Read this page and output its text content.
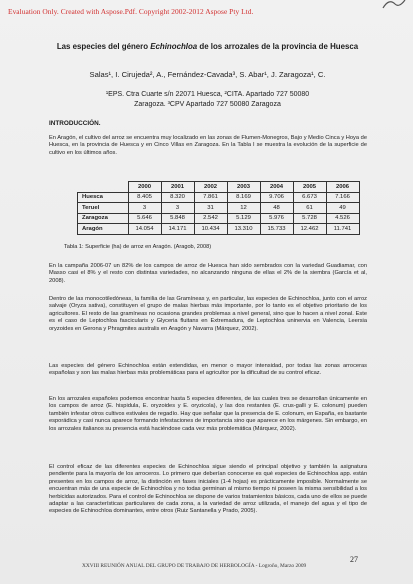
Evaluation Only. Created with Aspose.Pdf. Copyright 2002-2012 Aspose Pty Ltd.
Las especies del género Echinochloa de los arrozales de la provincia de Huesca
Salas¹, I. Cirujeda², A., Fernández-Cavada³, S. Abar¹, J. Zaragoza¹, C.
¹EPS. Ctra Cuarte s/n 22071 Huesca, ²CITA. Apartado 727 50080
Zaragoza. ³CPV Apartado 727 50080 Zaragoza
INTRODUCCIÓN.
En Aragón, el cultivo del arroz se encuentra muy localizado en las zonas de Flumen-Monegros, Bajo y Medio Cinca y Hoya de Huesca, en la provincia de Huesca y en Cinco Villas en Zaragoza. En la Tabla I se muestra la evolución de la superficie de cultivo en los últimos años.
	2000	2001	2002	2003	2004	2005	2006
Huesca	8.405	8.320	7.861	8.169	9.706	6.673	7.166
Teruel	3	3	31	12	48	61	49
Zaragoza	5.646	5.848	2.542	5.129	5.976	5.728	4.526
Aragón	14.054	14.171	10.434	13.310	15.733	12.462	11.741
Tabla 1: Superficie (ha) de arroz en Aragón. (Aragob, 2008)
En la campaña 2006-07 un 82% de los campos de arroz de Huesca han sido sembrados con la variedad Guadiamar, con Masso casi el 8% y el resto con distintas variedades, no alcanzando ninguna de ellas el 2% de la siembra (García et al, 2008).
Dentro de las monocotiledóneas, la familia de las Gramíneas y, en particular, las especies de Echinochloa, junto con el arroz salvaje (Oryza sativa), constituyen el grupo de malas hierbas más importante, por lo tanto es el objetivo prioritario de los agricultores. El resto de las gramíneas no ocasiona grandes problemas a nivel general, sino que lo hacen a nivel zonal. Este es el caso de Leptochloa fascicularis y Glyceria fluitans en Extremadura, de Leptochloa uninervia en Valencia, Leersia oryzoides en Gerona y Phragmites australis en Aragón y Navarra (Márquez, 2002).
Las especies del género Echinochloa están extendidas, en menor o mayor intensidad, por todas las zonas arroceras españolas y son las malas hierbas más problemáticas para el agricultor por la dificultad de su control eficaz.
En los arrozales españoles podemos encontrar hasta 5 especies diferentes, de las cuales tres se desarrollan únicamente en los campos de arroz (E. hispidula, E. oryzoides y E. oryzicola), y las dos restantes (E. crus-galli y E. colonum) pueden también infestar otros cultivos estivales de regadío. Hay que señalar que la presencia de E. colonum, en España, es bastante esporádica y casi nunca aparece formando infestaciones de importancia sino que aparece en los márgenes. Sin embargo, en los arrozales italianos su presencia está haciéndose cada vez más problemática (Márquez, 2002).
El control eficaz de las diferentes especies de Echinochloa sigue siendo el principal objetivo y también la asignatura pendiente para la mayoría de los arroceros. Lo primero que deberían conocerse es qué especies de Echinochloa app. están presentes en los campos de arroz, la distinción en fases iniciales (1-4 hojas) es prácticamente imposible. Normalmente se encuentran más de una especie de Echinochloa y no todas germinan al mismo tiempo ni poseen la misma sensibilidad a los herbicidas autorizados. Para el control de Echinochloa se dispone de varios tratamientos básicos, cada uno de ellos se puede adaptar a las características particulares de cada zona, a la variedad de arroz utilizada, el manejo del agua y el tipo de especies de Echinochloa dominantes, entre otros (Ruiz Santanella y Prado, 2005).
27
XXVIII REUNIÓN ANUAL DEL GRUPO DE TRABAJO DE HERBOLOGÍA - Logroño, Marzo 2009
